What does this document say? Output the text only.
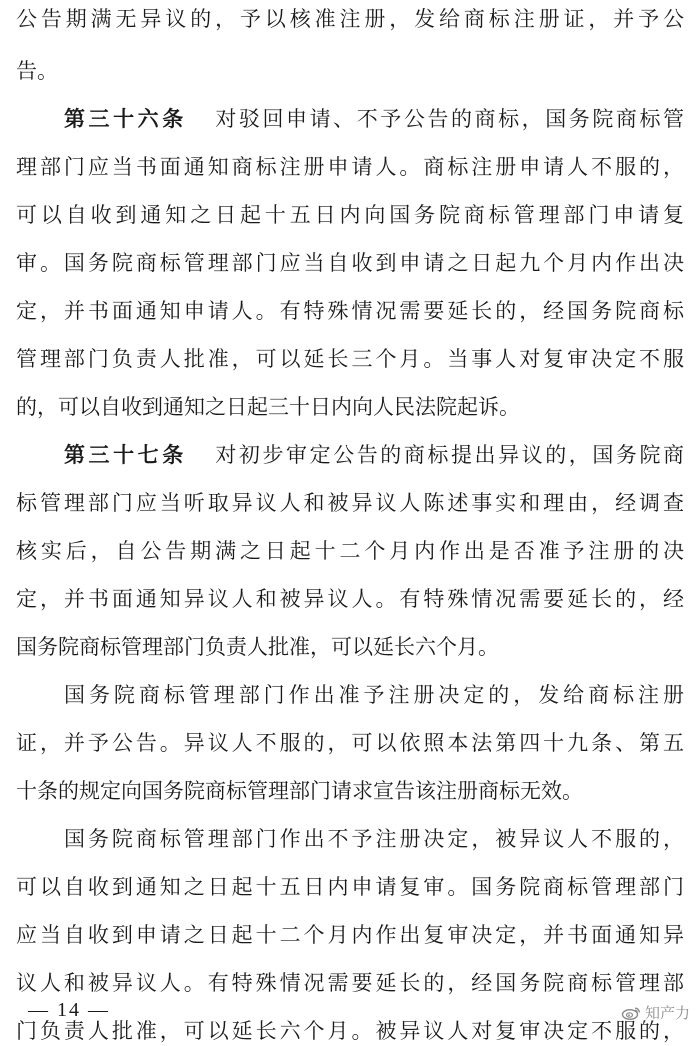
公告期满无异议的，予以核准注册，发给商标注册证，并予公
告。
第三十六条 对驳回申请、不予公告的商标，国务院商标管
理部门应当书面通知商标注册申请人。商标注册申请人不服的，
可以自收到通知之日起十五日内向国务院商标管理部门申请复
审。国务院商标管理部门应当自收到申请之日起九个月内作出决
定，并书面通知申请人。有特殊情况需要延长的，经国务院商标
管理部门负责人批准，可以延长三个月。当事人对复审决定不服
的，可以自收到通知之日起三十日内向人民法院起诉。
第三十七条 对初步审定公告的商标提出异议的，国务院商
标管理部门应当听取异议人和被异议人陈述事实和理由，经调查
核实后，自公告期满之日起十二个月内作出是否准予注册的决
定，并书面通知异议人和被异议人。有特殊情况需要延长的，经
国务院商标管理部门负责人批准，可以延长六个月。
国务院商标管理部门作出准予注册决定的，发给商标注册
证，并予公告。异议人不服的，可以依照本法第四十九条、第五
十条的规定向国务院商标管理部门请求宣告该注册商标无效。
国务院商标管理部门作出不予注册决定，被异议人不服的，
可以自收到通知之日起十五日内申请复审。国务院商标管理部门
应当自收到申请之日起十二个月内作出复审决定，并书面通知异
议人和被异议人。有特殊情况需要延长的，经国务院商标管理部
门负责人批准，可以延长六个月。被异议人对复审决定不服的，
— 14 —	知产力
